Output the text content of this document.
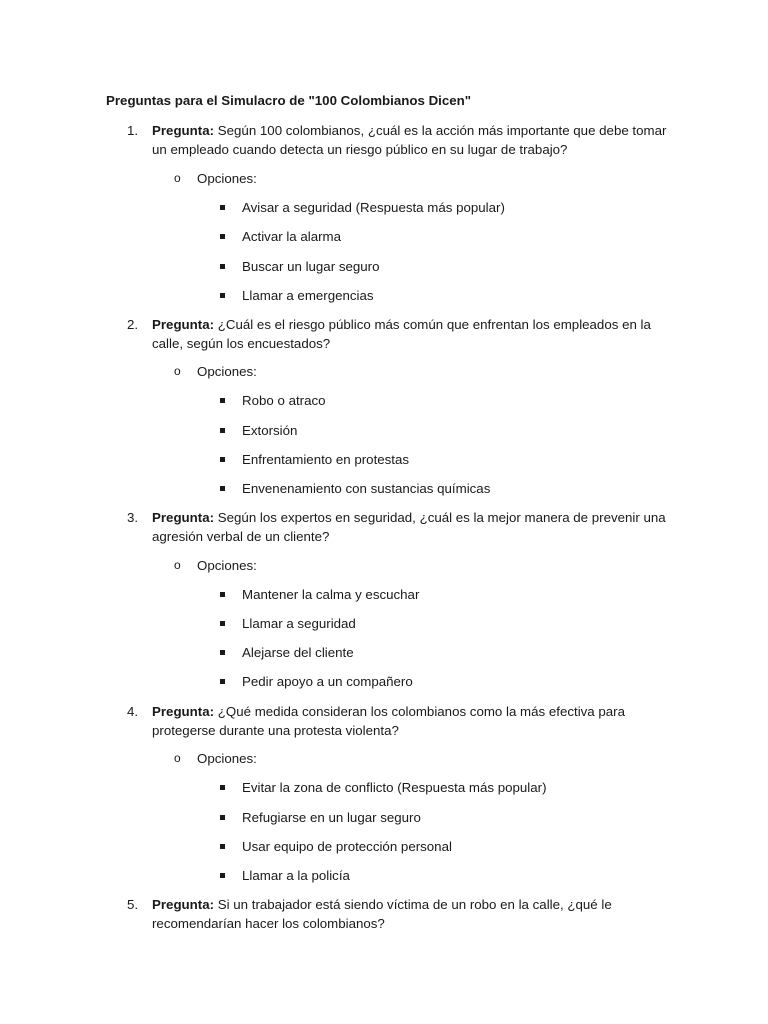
Preguntas para el Simulacro de "100 Colombianos Dicen"
1. Pregunta: Según 100 colombianos, ¿cuál es la acción más importante que debe tomar un empleado cuando detecta un riesgo público en su lugar de trabajo?
o Opciones:
Avisar a seguridad (Respuesta más popular)
Activar la alarma
Buscar un lugar seguro
Llamar a emergencias
2. Pregunta: ¿Cuál es el riesgo público más común que enfrentan los empleados en la calle, según los encuestados?
o Opciones:
Robo o atraco
Extorsión
Enfrentamiento en protestas
Envenenamiento con sustancias químicas
3. Pregunta: Según los expertos en seguridad, ¿cuál es la mejor manera de prevenir una agresión verbal de un cliente?
o Opciones:
Mantener la calma y escuchar
Llamar a seguridad
Alejarse del cliente
Pedir apoyo a un compañero
4. Pregunta: ¿Qué medida consideran los colombianos como la más efectiva para protegerse durante una protesta violenta?
o Opciones:
Evitar la zona de conflicto (Respuesta más popular)
Refugiarse en un lugar seguro
Usar equipo de protección personal
Llamar a la policía
5. Pregunta: Si un trabajador está siendo víctima de un robo en la calle, ¿qué le recomendarían hacer los colombianos?
